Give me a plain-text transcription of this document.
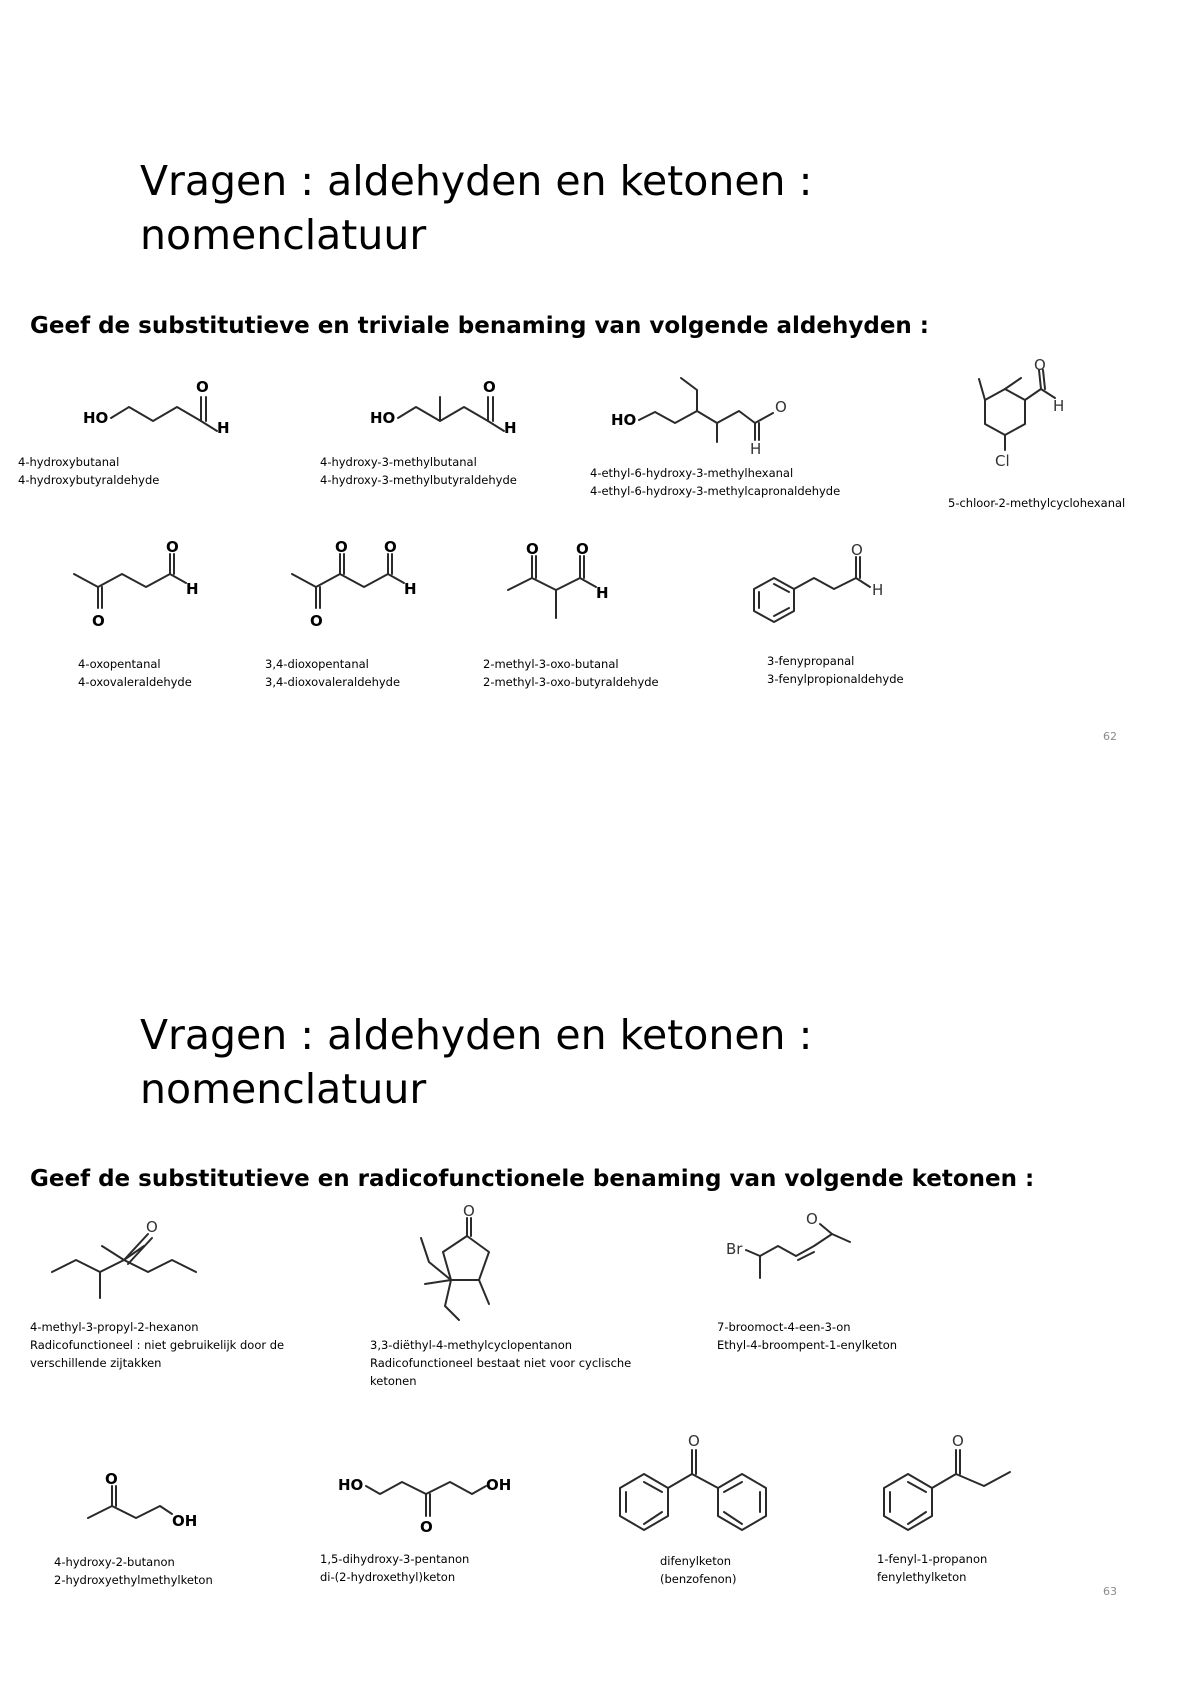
Vragen : aldehyden en ketonen :
nomenclatuur
Geef de substitutieve en triviale benaming van volgende aldehyden :
HO
O
H
4-hydroxybutanal
4-hydroxybutyraldehyde
HO
O
H
4-hydroxy-3-methylbutanal
4-hydroxy-3-methylbutyraldehyde
HO
O
H
4-ethyl-6-hydroxy-3-methylhexanal
4-ethyl-6-hydroxy-3-methylcapronaldehyde
O
H
Cl
5-chloor-2-methylcyclohexanal
O
O
H
4-oxopentanal
4-oxovaleraldehyde
O
O O
H
3,4-dioxopentanal
3,4-dioxovaleraldehyde
O O
H
2-methyl-3-oxo-butanal
2-methyl-3-oxo-butyraldehyde
O
H
3-fenypropanal
3-fenylpropionaldehyde
62
Vragen : aldehyden en ketonen :
nomenclatuur
Geef de substitutieve en radicofunctionele benaming van volgende ketonen :
O
4-methyl-3-propyl-2-hexanon
Radicofunctioneel : niet gebruikelijk door de verschillende zijtakken
O
3,3-diëthyl-4-methylcyclopentanon
Radicofunctioneel bestaat niet voor cyclische ketonen
Br
O
7-broomoct-4-een-3-on
Ethyl-4-broompent-1-enylketon
O
OH
4-hydroxy-2-butanon
2-hydroxyethylmethylketon
HO	OH
O
1,5-dihydroxy-3-pentanon
di-(2-hydroxethyl)keton
O
difenylketon
(benzofenon)
O
1-fenyl-1-propanon
fenylethylketon
63
